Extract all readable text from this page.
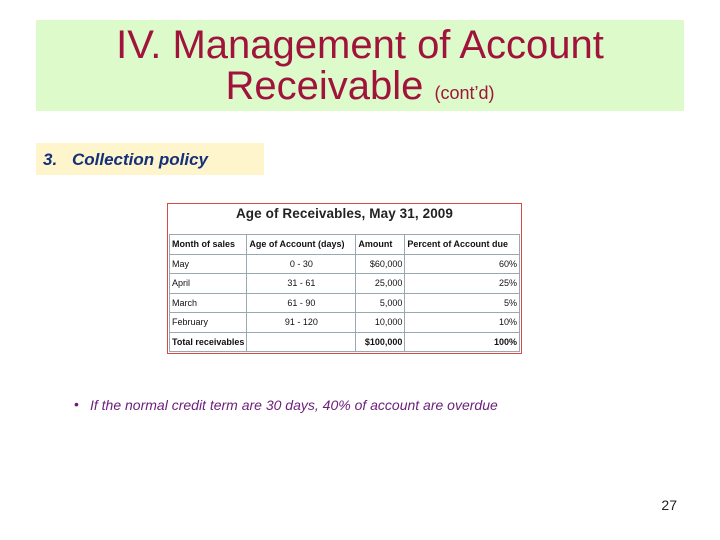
IV. Management of Account
Receivable (cont’d)
3. Collection policy
Age of Receivables, May 31, 2009
Month of sales	Age of Account (days)	Amount	Percent of Account due
May	0 - 30	$60,000	60%
April	31 - 61	25,000	25%
March	61 - 90	5,000	5%
February	91 - 120	10,000	10%
Total receivables		$100,000	100%
• If the normal credit term are 30 days, 40% of account are overdue
27
